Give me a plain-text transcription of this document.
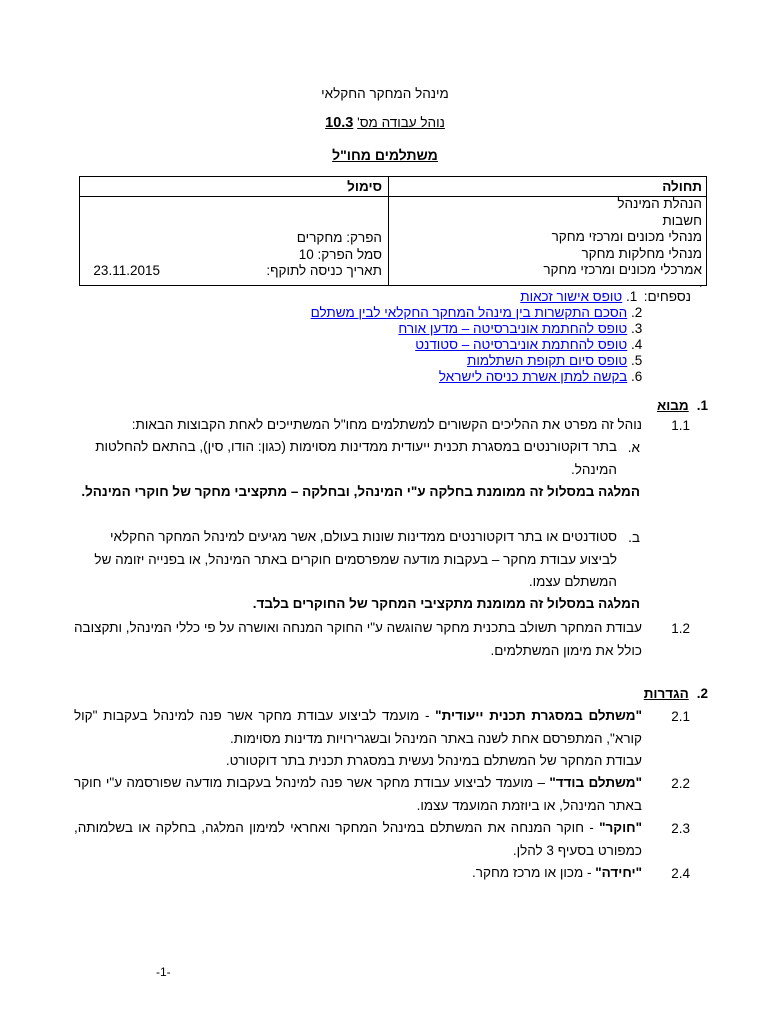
מינהל המחקר החקלאי
נוהל עבודה מס' 10.3
משתלמים מחו"ל
תחולה
סימול
הנהלת המינהל
חשבות
מנהלי מכונים ומרכזי מחקר
מנהלי מחלקות מחקר
אמרכלי מכונים ומרכזי מחקר
.
הפרק: מחקרים
סמל הפרק: 10
תאריך כניסה לתוקף:
23.11.2015
נספחים: 1. טופס אישור זכאות
2. הסכם התקשרות בין מינהל המחקר החקלאי לבין משתלם
3. טופס להחתמת אוניברסיטה – מדען אורח
4. טופס להחתמת אוניברסיטה – סטודנט
5. טופס סיום תקופת השתלמות
6. בקשה למתן אשרת כניסה לישראל
1.מבוא
1.1
נוהל זה מפרט את ההליכים הקשורים למשתלמים מחו"ל המשתייכים לאחת הקבוצות הבאות:
א.
בתר דוקטורנטים במסגרת תכנית ייעודית ממדינות מסוימות (כגון: הודו, סין), בהתאם להחלטות המינהל.
המלגה במסלול זה ממומנת בחלקה ע"י המינהל, ובחלקה – מתקציבי מחקר של חוקרי המינהל.
ב.
סטודנטים או בתר דוקטורנטים ממדינות שונות בעולם, אשר מגיעים למינהל המחקר החקלאי לביצוע עבודת מחקר – בעקבות מודעה שמפרסמים חוקרים באתר המינהל, או בפנייה יזומה של המשתלם עצמו.
המלגה במסלול זה ממומנת מתקציבי המחקר של החוקרים בלבד.
1.2
עבודת המחקר תשולב בתכנית מחקר שהוגשה ע"י החוקר המנחה ואושרה על פי כללי המינהל, ותקצובה כולל את מימון המשתלמים.
2.הגדרות
2.1
"משתלם במסגרת תכנית ייעודית" - מועמד לביצוע עבודת מחקר אשר פנה למינהל בעקבות "קול קורא", המתפרסם אחת לשנה באתר המינהל ובשגרירויות מדינות מסוימות.
עבודת המחקר של המשתלם במינהל נעשית במסגרת תכנית בתר דוקטורט.
2.2
"משתלם בודד" – מועמד לביצוע עבודת מחקר אשר פנה למינהל בעקבות מודעה שפורסמה ע"י חוקר באתר המינהל, או ביוזמת המועמד עצמו.
2.3
"חוקר" - חוקר המנחה את המשתלם במינהל המחקר ואחראי למימון המלגה, בחלקה או בשלמותה, כמפורט בסעיף 3 להלן.
2.4
"יחידה" - מכון או מרכז מחקר.
-1-
